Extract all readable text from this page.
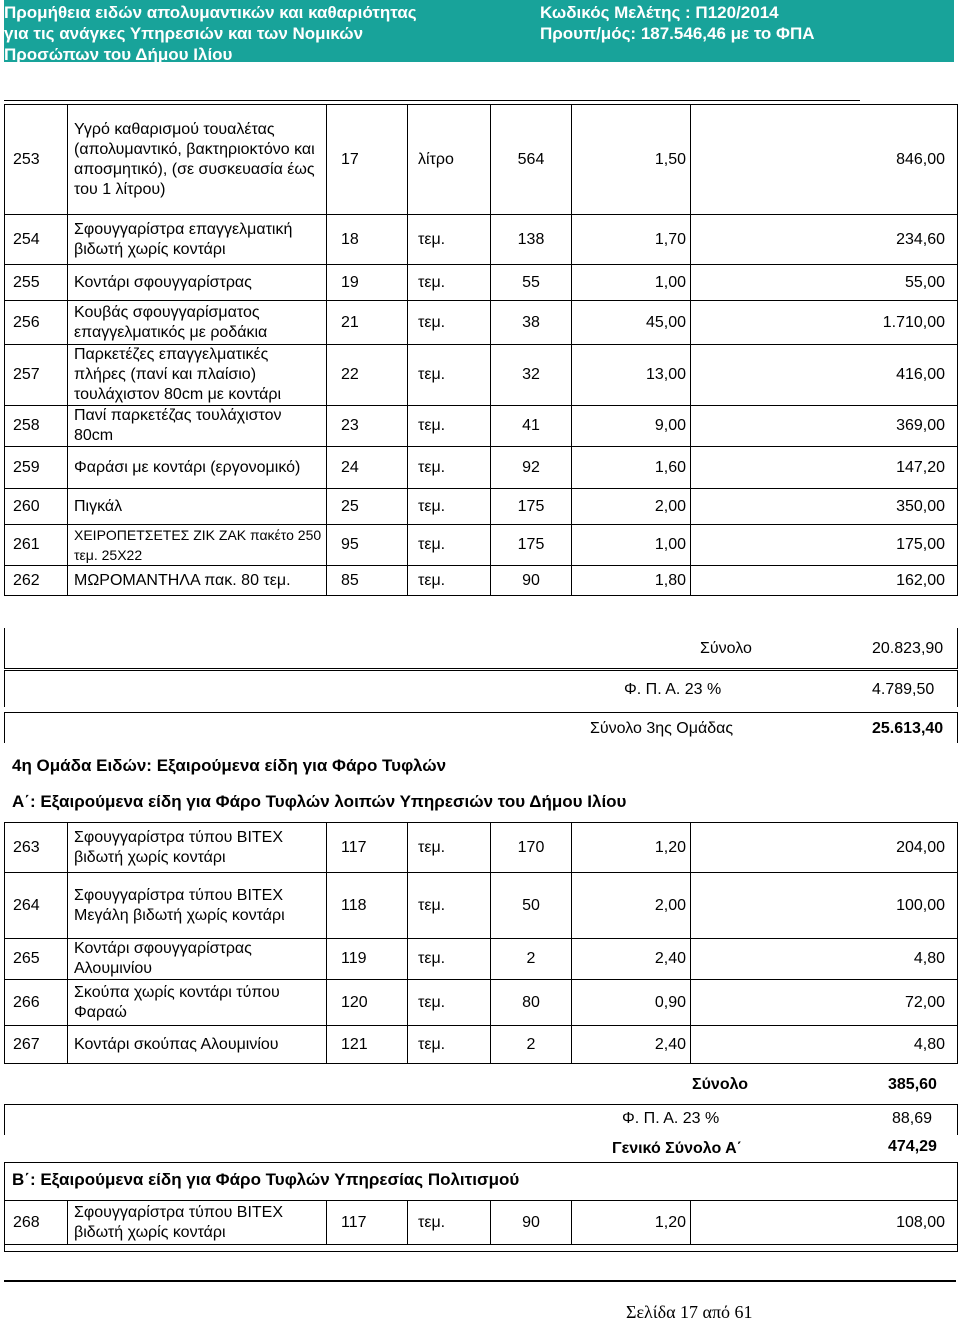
Προμήθεια ειδών απολυμαντικών και καθαριότητας
για τις ανάγκες Υπηρεσιών και των Νομικών
Προσώπων του Δήμου Ιλίου
Κωδικός Μελέτης : Π120/2014
Προυπ/μός: 187.546,46 με το ΦΠΑ
253	Υγρό καθαρισμού τουαλέτας (απολυμαντικό, βακτηριοκτόνο και αποσμητικό), (σε συσκευασία έως του 1 λίτρου)	17	λίτρο	564	1,50	846,00
254	Σφουγγαρίστρα επαγγελματική βιδωτή χωρίς κοντάρι	18	τεμ.	138	1,70	234,60
255	Κοντάρι σφουγγαρίστρας	19	τεμ.	55	1,00	55,00
256	Κουβάς σφουγγαρίσματος επαγγελματικός με ροδάκια	21	τεμ.	38	45,00	1.710,00
257	Παρκετέζες επαγγελματικές πλήρες (πανί και πλαίσιο) τουλάχιστον 80cm με κοντάρι	22	τεμ.	32	13,00	416,00
258	Πανί παρκετέζας τουλάχιστον 80cm	23	τεμ.	41	9,00	369,00
259	Φαράσι με κοντάρι (εργονομικό)	24	τεμ.	92	1,60	147,20
260	Πιγκάλ	25	τεμ.	175	2,00	350,00
261	ΧΕΙΡΟΠΕΤΣΕΤΕΣ ΖΙΚ ΖΑΚ πακέτο 250 τεμ. 25Χ22	95	τεμ.	175	1,00	175,00
262	ΜΩΡΟΜΑΝΤΗΛΑ πακ. 80 τεμ.	85	τεμ.	90	1,80	162,00
Σύνολο	20.823,90
Φ. Π. Α. 23 %	4.789,50
Σύνολο 3ης Ομάδας	25.613,40
4η Ομάδα Ειδών: Εξαιρούμενα είδη για Φάρο Τυφλών
Α΄: Εξαιρούμενα είδη για Φάρο Τυφλών λοιπών Υπηρεσιών του Δήμου Ιλίου
263	Σφουγγαρίστρα τύπου ΒΙΤΕΧ βιδωτή χωρίς κοντάρι	117	τεμ.	170	1,20	204,00
264	Σφουγγαρίστρα τύπου ΒΙΤΕΧ Μεγάλη βιδωτή χωρίς κοντάρι	118	τεμ.	50	2,00	100,00
265	Κοντάρι σφουγγαρίστρας Αλουμινίου	119	τεμ.	2	2,40	4,80
266	Σκούπα χωρίς κοντάρι τύπου Φαραώ	120	τεμ.	80	0,90	72,00
267	Κοντάρι σκούπας Αλουμινίου	121	τεμ.	2	2,40	4,80
Σύνολο	385,60
Φ. Π. Α. 23 %	88,69
Γενικό Σύνολο Α΄	474,29
Β΄: Εξαιρούμενα είδη για Φάρο Τυφλών Υπηρεσίας Πολιτισμού
268	Σφουγγαρίστρα τύπου ΒΙΤΕΧ βιδωτή χωρίς κοντάρι	117	τεμ.	90	1,20	108,00
Σελίδα 17 από 61
